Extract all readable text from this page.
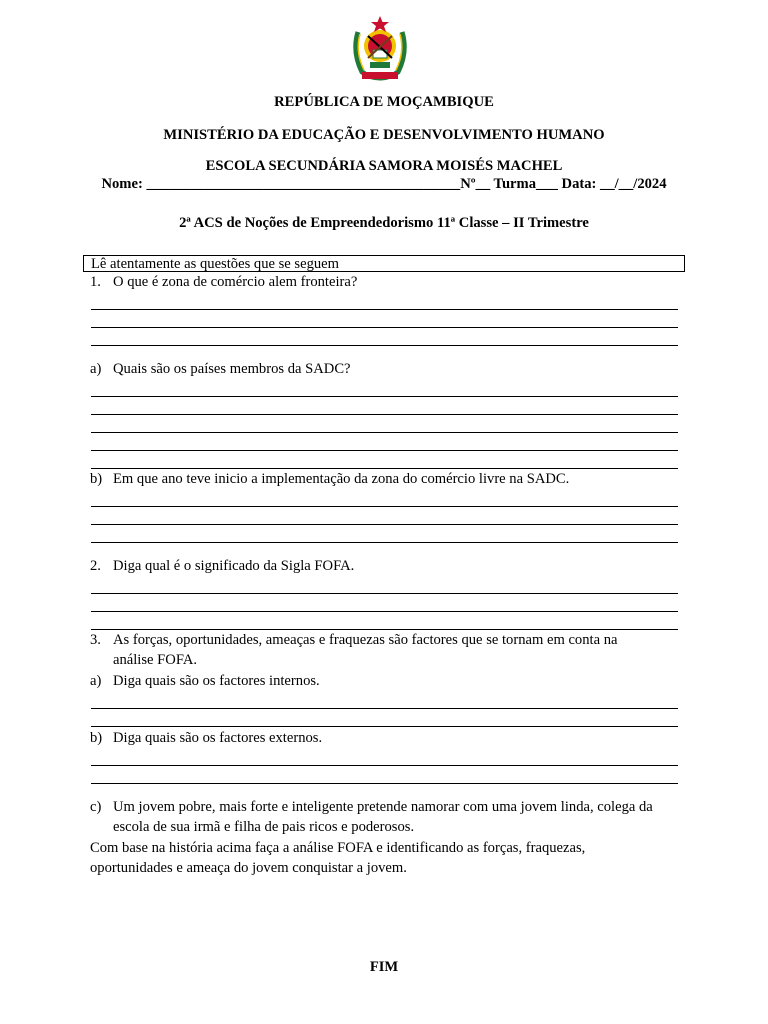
REPÚBLICA DE MOÇAMBIQUE
MINISTÉRIO DA EDUCAÇÃO E DESENVOLVIMENTO HUMANO
ESCOLA SECUNDÁRIA SAMORA MOISÉS MACHEL
Nome: ___________________________________________Nº__ Turma___ Data: __/__/2024
2ª ACS de Noções de Empreendedorismo 11ª Classe – II Trimestre
Lê atentamente as questões que se seguem
1. O que é zona de comércio alem fronteira?
a) Quais são os países membros da SADC?
b) Em que ano teve inicio a implementação da zona do comércio livre na SADC.
2. Diga qual é o significado da Sigla FOFA.
3. As forças, oportunidades, ameaças e fraquezas são factores que se tornam em conta na
análise FOFA.
a) Diga quais são os factores internos.
b) Diga quais são os factores externos.
c) Um jovem pobre, mais forte e inteligente pretende namorar com uma jovem linda, colega da
escola de sua irmã e filha de pais ricos e poderosos.
Com base na história acima faça a análise FOFA e identificando as forças, fraquezas,
oportunidades e ameaça do jovem conquistar a jovem.
FIM
